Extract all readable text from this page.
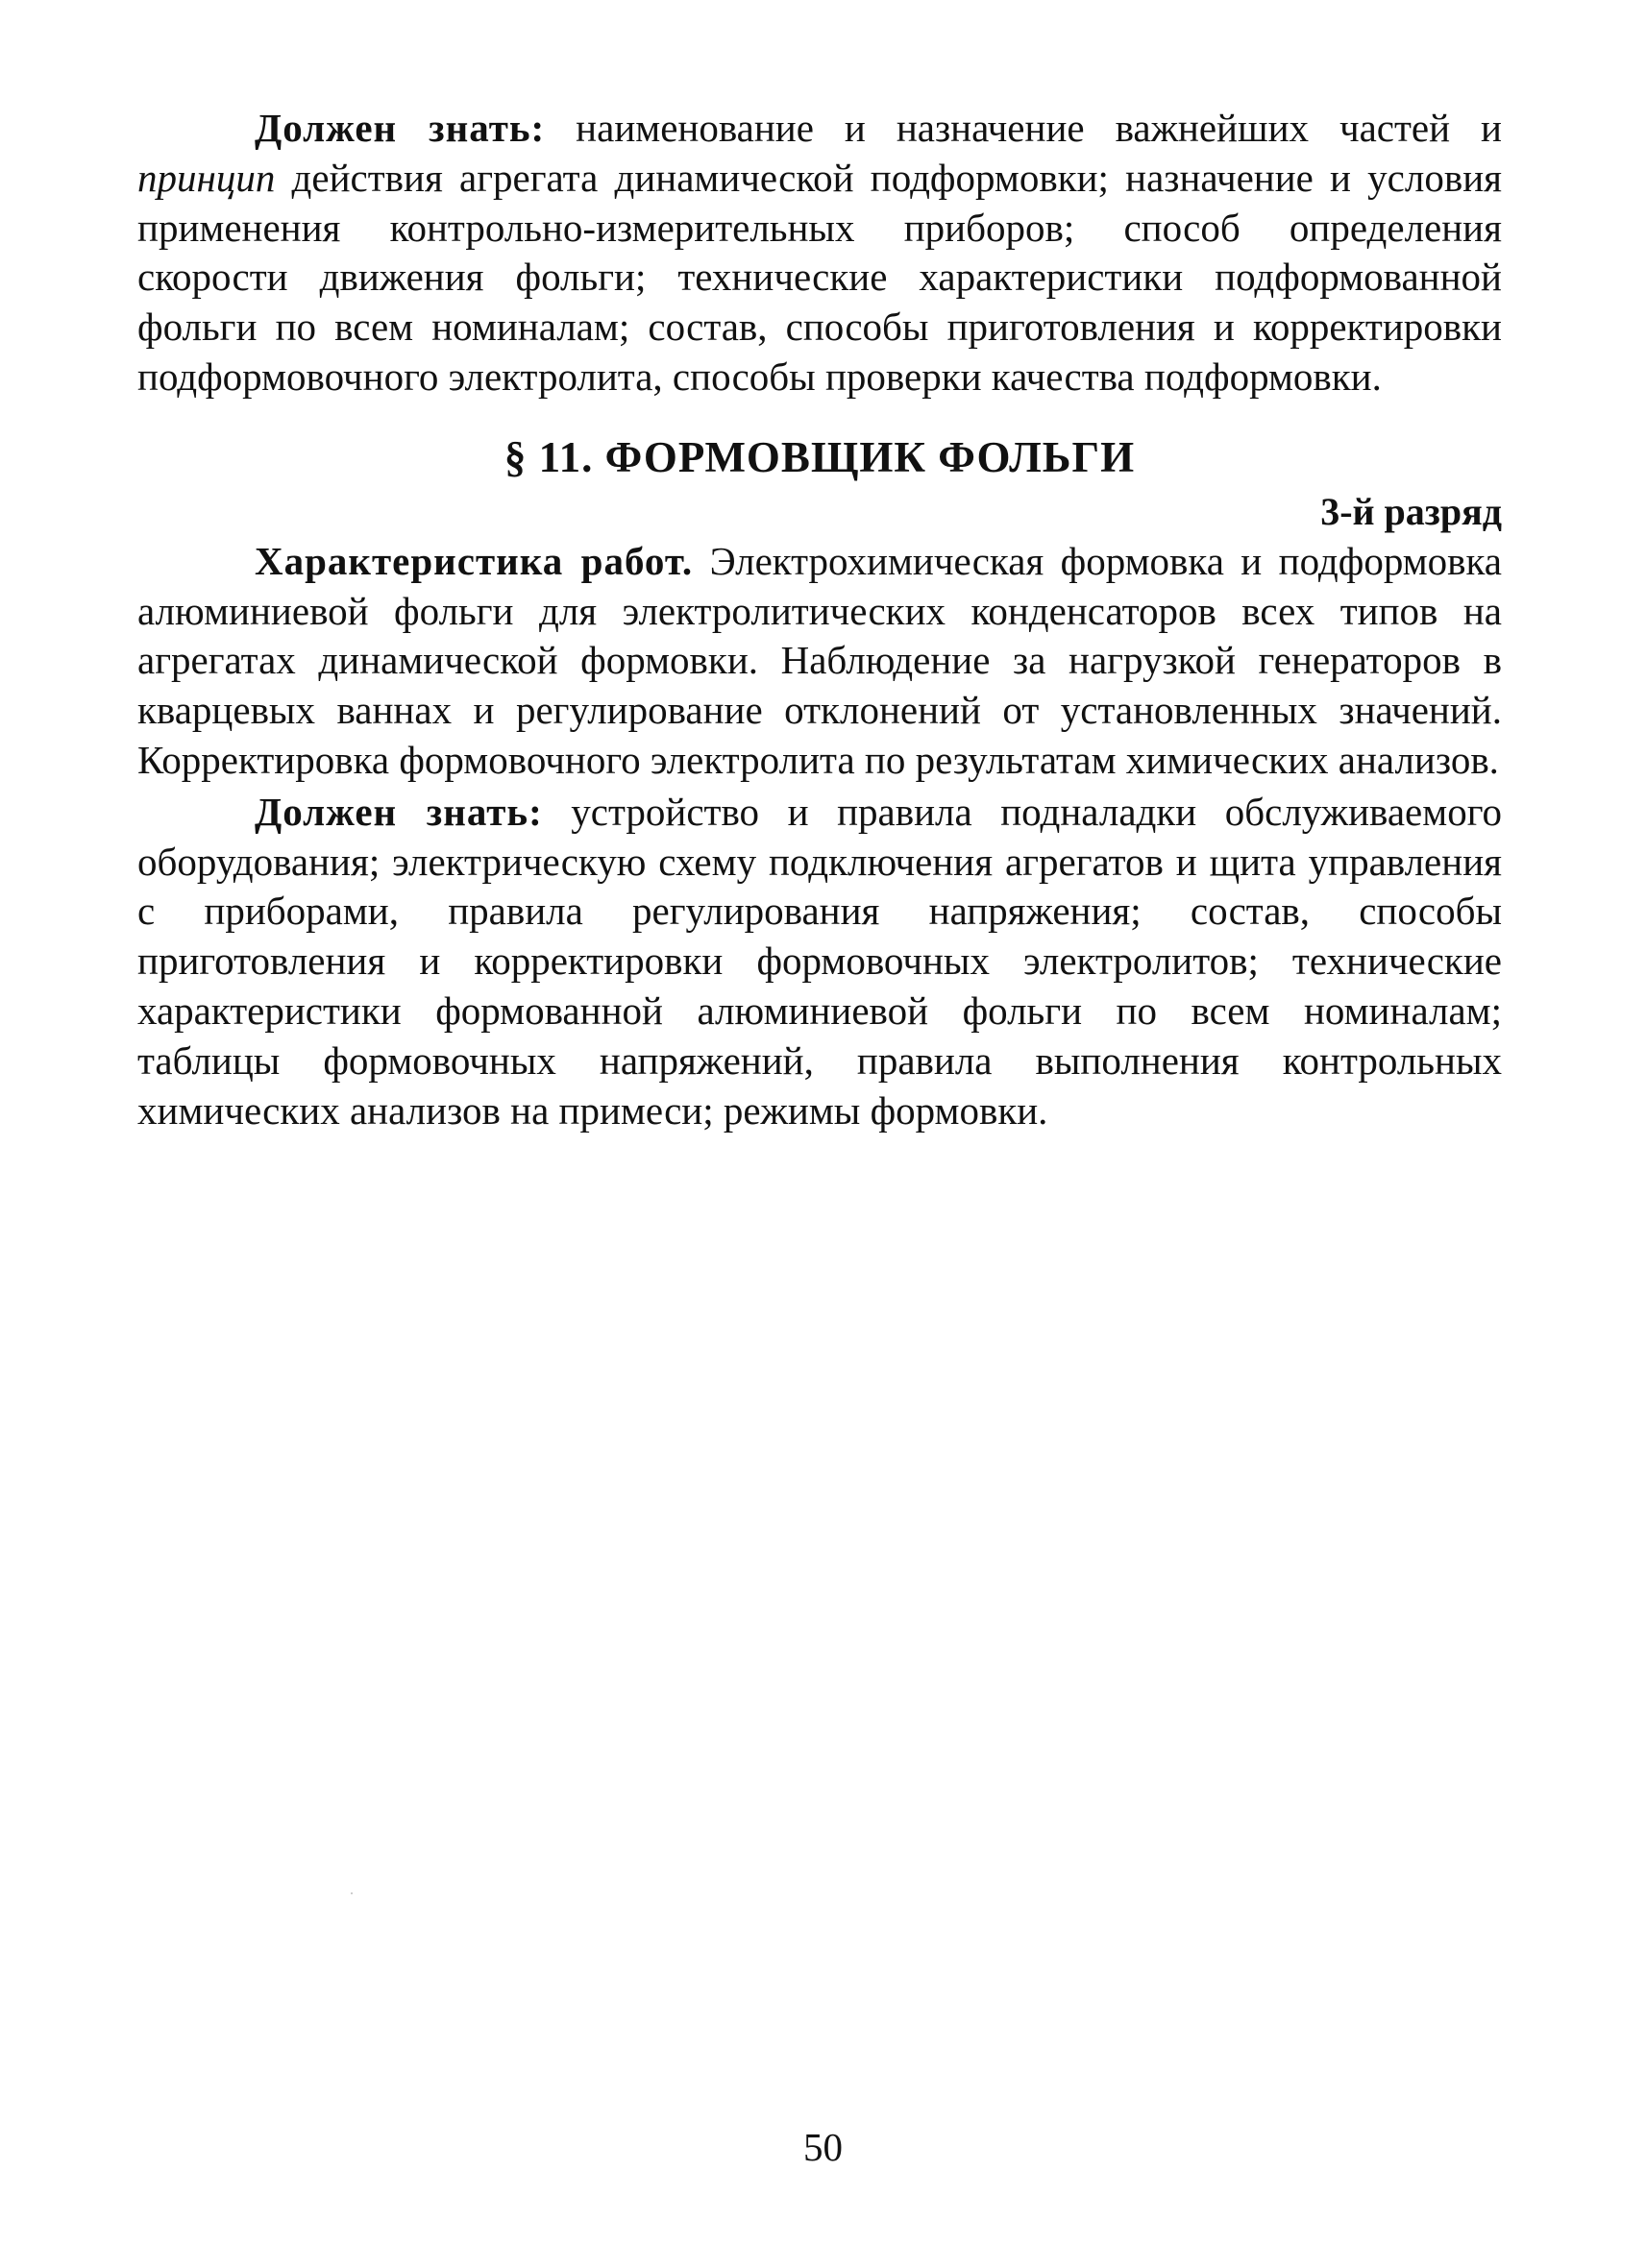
Должен знать: наименование и назначение важнейших частей и принцип действия агрегата динамической подформовки; назначение и условия применения контрольно-измерительных приборов; способ определения скорости движения фольги; технические характеристики подформованной фольги по всем номиналам; состав, способы приготовления и корректировки подформовочного электролита, способы проверки качества подформовки.

§ 11. ФОРМОВЩИК ФОЛЬГИ

3-й разряд

Характеристика работ. Электрохимическая формовка и подформовка алюминиевой фольги для электролитических конденсаторов всех типов на агрегатах динамической формовки. Наблюдение за нагрузкой генераторов в кварцевых ваннах и регулирование отклонений от установленных значений. Корректировка формовочного электролита по результатам химических анализов.

Должен знать: устройство и правила подналадки обслуживаемого оборудования; электрическую схему подключения агрегатов и щита управления с приборами, правила регулирования напряжения; состав, способы приготовления и корректировки формовочных электролитов; технические характеристики формованной алюминиевой фольги по всем номиналам; таблицы формовочных напряжений, правила выполнения контрольных химических анализов на примеси; режимы формовки.

50
